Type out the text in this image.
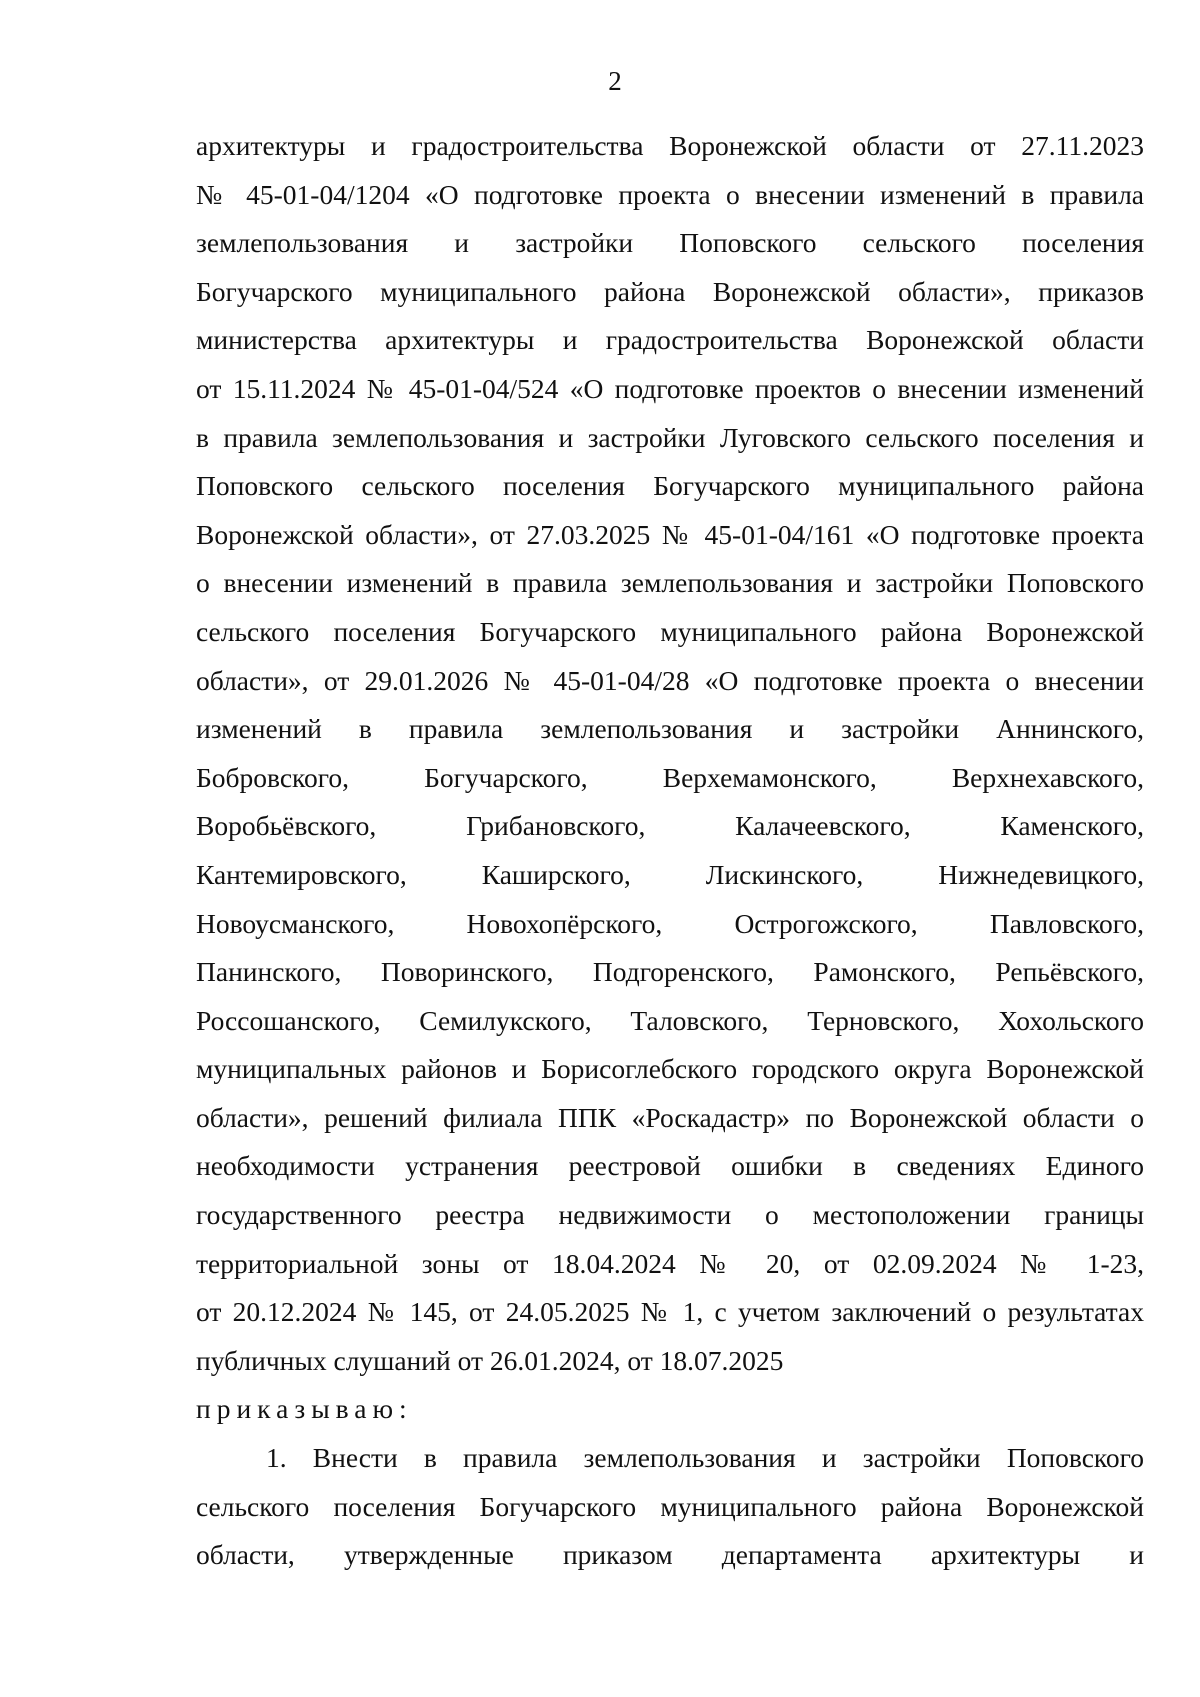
2
архитектуры и градостроительства Воронежской области от 27.11.2023
№ 45-01-04/1204 «О подготовке проекта о внесении изменений в правила
землепользования и застройки Поповского сельского поселения
Богучарского муниципального района Воронежской области», приказов
министерства архитектуры и градостроительства Воронежской области
от 15.11.2024 № 45-01-04/524 «О подготовке проектов о внесении изменений
в правила землепользования и застройки Луговского сельского поселения и
Поповского сельского поселения Богучарского муниципального района
Воронежской области», от 27.03.2025 № 45-01-04/161 «О подготовке проекта
о внесении изменений в правила землепользования и застройки Поповского
сельского поселения Богучарского муниципального района Воронежской
области», от 29.01.2026 № 45-01-04/28 «О подготовке проекта о внесении
изменений в правила землепользования и застройки Аннинского,
Бобровского, Богучарского, Верхемамонского, Верхнехавского,
Воробьёвского, Грибановского, Калачеевского, Каменского,
Кантемировского, Каширского, Лискинского, Нижнедевицкого,
Новоусманского, Новохопёрского, Острогожского, Павловского,
Панинского, Поворинского, Подгоренского, Рамонского, Репьёвского,
Россошанского, Семилукского, Таловского, Терновского, Хохольского
муниципальных районов и Борисоглебского городского округа Воронежской
области», решений филиала ППК «Роскадастр» по Воронежской области о
необходимости устранения реестровой ошибки в сведениях Единого
государственного реестра недвижимости о местоположении границы
территориальной зоны от 18.04.2024 № 20, от 02.09.2024 № 1-23,
от 20.12.2024 № 145, от 24.05.2025 № 1, с учетом заключений о результатах
публичных слушаний от 26.01.2024, от 18.07.2025
приказываю:
1. Внести в правила землепользования и застройки Поповского
сельского поселения Богучарского муниципального района Воронежской
области, утвержденные приказом департамента архитектуры и
